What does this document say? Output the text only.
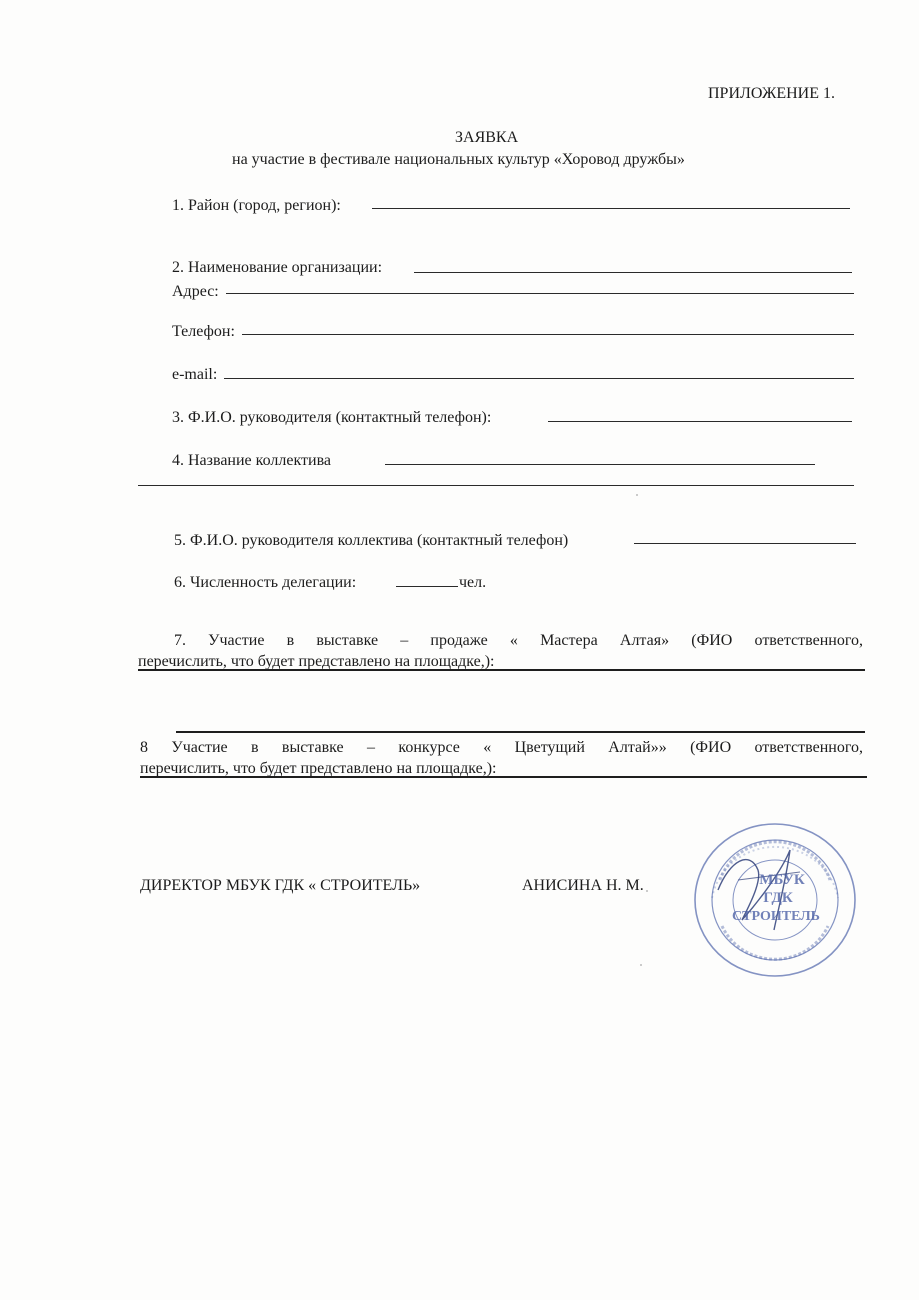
ПРИЛОЖЕНИЕ 1.
ЗАЯВКА
на участие в фестивале национальных культур «Хоровод дружбы»
1. Район (город, регион):
2. Наименование организации:
Адрес:
Телефон:
e-mail:
3. Ф.И.О. руководителя (контактный телефон):
4. Название коллектива
5. Ф.И.О. руководителя коллектива (контактный телефон)
6. Численность делегации:	чел.
7. Участие в выставке – продаже « Мастера Алтая» (ФИО ответственного,
перечислить, что будет представлено на площадке,):
8 Участие в выставке – конкурсе « Цветущий Алтай»» (ФИО ответственного,
перечислить, что будет представлено на площадке,):
ДИРЕКТОР МБУК ГДК « СТРОИТЕЛЬ»	АНИСИНА Н. М.	МБУК
ГДК
СТРОИТЕЛЬ
